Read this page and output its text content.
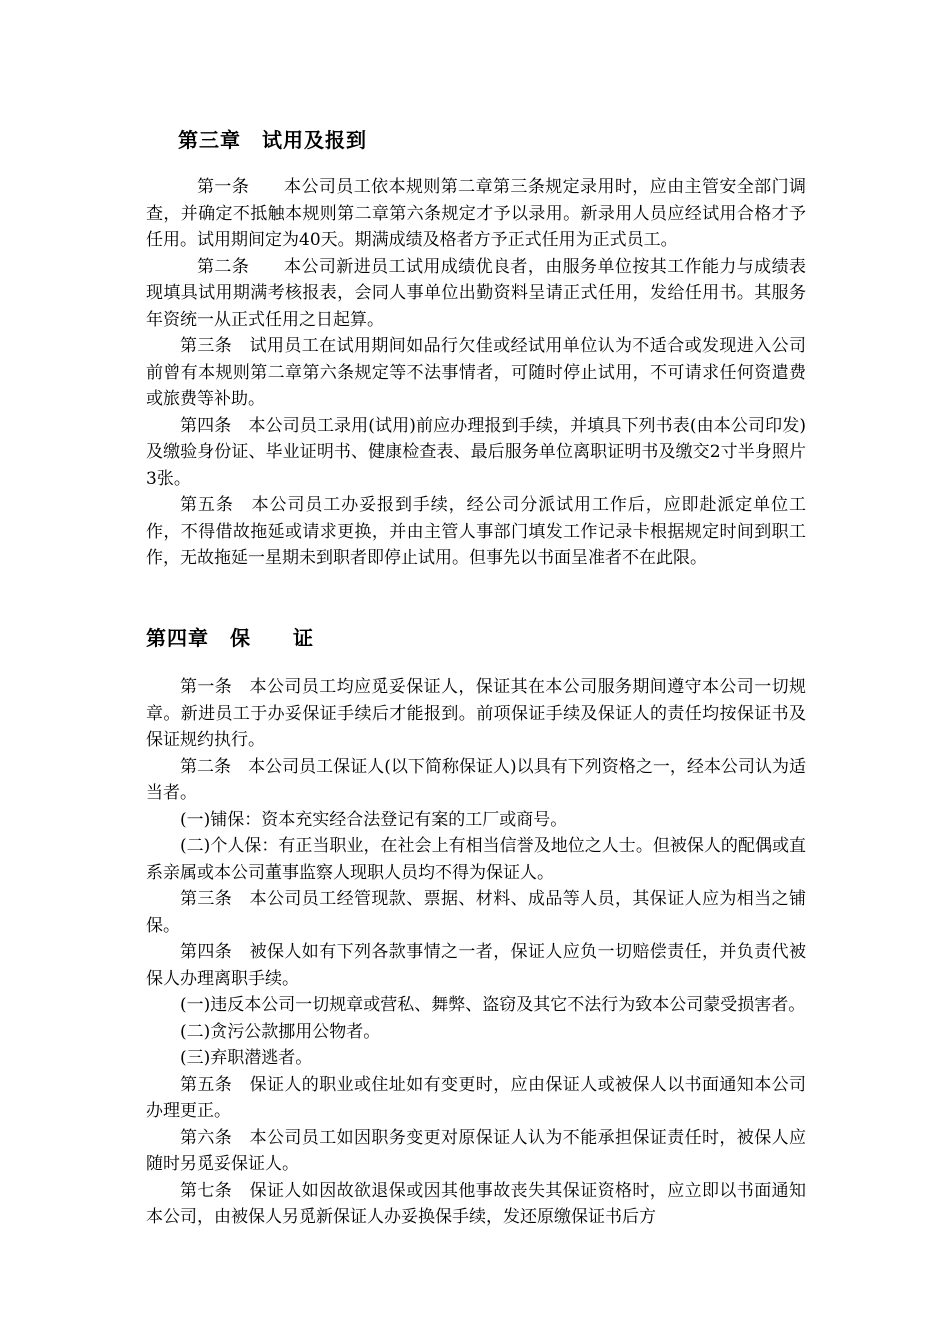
第三章　试用及报到

第一条　　本公司员工依本规则第二章第三条规定录用时，应由主管安全部门调查，并确定不抵触本规则第二章第六条规定才予以录用。新录用人员应经试用合格才予任用。试用期间定为40天。期满成绩及格者方予正式任用为正式员工。

第二条　　本公司新进员工试用成绩优良者，由服务单位按其工作能力与成绩表现填具试用期满考核报表，会同人事单位出勤资料呈请正式任用，发给任用书。其服务年资统一从正式任用之日起算。

第三条　试用员工在试用期间如品行欠佳或经试用单位认为不适合或发现进入公司前曾有本规则第二章第六条规定等不法事情者，可随时停止试用，不可请求任何资遣费或旅费等补助。

第四条　本公司员工录用(试用)前应办理报到手续，并填具下列书表(由本公司印发)及缴验身份证、毕业证明书、健康检查表、最后服务单位离职证明书及缴交2寸半身照片3张。

第五条　本公司员工办妥报到手续，经公司分派试用工作后，应即赴派定单位工作，不得借故拖延或请求更换，并由主管人事部门填发工作记录卡根据规定时间到职工作，无故拖延一星期未到职者即停止试用。但事先以书面呈准者不在此限。

第四章　保　　证

第一条　本公司员工均应觅妥保证人，保证其在本公司服务期间遵守本公司一切规章。新进员工于办妥保证手续后才能报到。前项保证手续及保证人的责任均按保证书及保证规约执行。

第二条　本公司员工保证人(以下简称保证人)以具有下列资格之一，经本公司认为适当者。

(一)铺保：资本充实经合法登记有案的工厂或商号。

(二)个人保：有正当职业，在社会上有相当信誉及地位之人士。但被保人的配偶或直系亲属或本公司董事监察人现职人员均不得为保证人。

第三条　本公司员工经管现款、票据、材料、成品等人员，其保证人应为相当之铺保。

第四条　被保人如有下列各款事情之一者，保证人应负一切赔偿责任，并负责代被保人办理离职手续。

(一)违反本公司一切规章或营私、舞弊、盗窃及其它不法行为致本公司蒙受损害者。

(二)贪污公款挪用公物者。

(三)弃职潜逃者。

第五条　保证人的职业或住址如有变更时，应由保证人或被保人以书面通知本公司办理更正。

第六条　本公司员工如因职务变更对原保证人认为不能承担保证责任时，被保人应随时另觅妥保证人。

第七条　保证人如因故欲退保或因其他事故丧失其保证资格时，应立即以书面通知本公司，由被保人另觅新保证人办妥换保手续，发还原缴保证书后方
